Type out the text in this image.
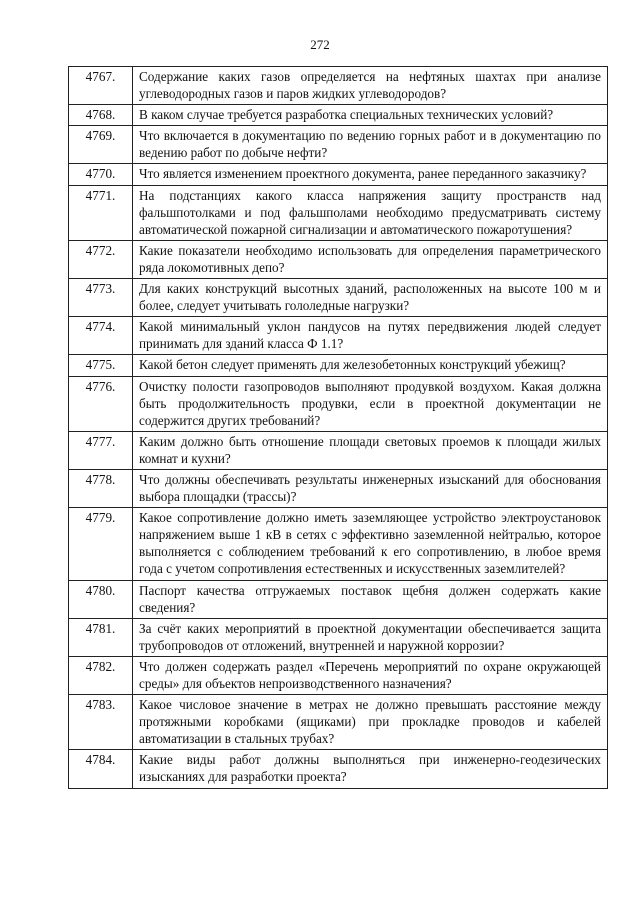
272
4767.	Содержание каких газов определяется на нефтяных шахтах при анализе углеводородных газов и паров жидких углеводородов?
4768.	В каком случае требуется разработка специальных технических условий?
4769.	Что включается в документацию по ведению горных работ и в документацию по ведению работ по добыче нефти?
4770.	Что является изменением проектного документа, ранее переданного заказчику?
4771.	На подстанциях какого класса напряжения защиту пространств над фальшпотолками и под фальшполами необходимо предусматривать систему автоматической пожарной сигнализации и автоматического пожаротушения?
4772.	Какие показатели необходимо использовать для определения параметрического ряда локомотивных депо?
4773.	Для каких конструкций высотных зданий, расположенных на высоте 100 м и более, следует учитывать гололедные нагрузки?
4774.	Какой минимальный уклон пандусов на путях передвижения людей следует принимать для зданий класса Ф 1.1?
4775.	Какой бетон следует применять для железобетонных конструкций убежищ?
4776.	Очистку полости газопроводов выполняют продувкой воздухом. Какая должна быть продолжительность продувки, если в проектной документации не содержится других требований?
4777.	Каким должно быть отношение площади световых проемов к площади жилых комнат и кухни?
4778.	Что должны обеспечивать результаты инженерных изысканий для обоснования выбора площадки (трассы)?
4779.	Какое сопротивление должно иметь заземляющее устройство электроустановок напряжением выше 1 кВ в сетях с эффективно заземленной нейтралью, которое выполняется с соблюдением требований к его сопротивлению, в любое время года с учетом сопротивления естественных и искусственных заземлителей?
4780.	Паспорт качества отгружаемых поставок щебня должен содержать какие сведения?
4781.	За счёт каких мероприятий в проектной документации обеспечивается защита трубопроводов от отложений, внутренней и наружной коррозии?
4782.	Что должен содержать раздел «Перечень мероприятий по охране окружающей среды» для объектов непроизводственного назначения?
4783.	Какое числовое значение в метрах не должно превышать расстояние между протяжными коробками (ящиками) при прокладке проводов и кабелей автоматизации в стальных трубах?
4784.	Какие виды работ должны выполняться при инженерно-геодезических изысканиях для разработки проекта?
